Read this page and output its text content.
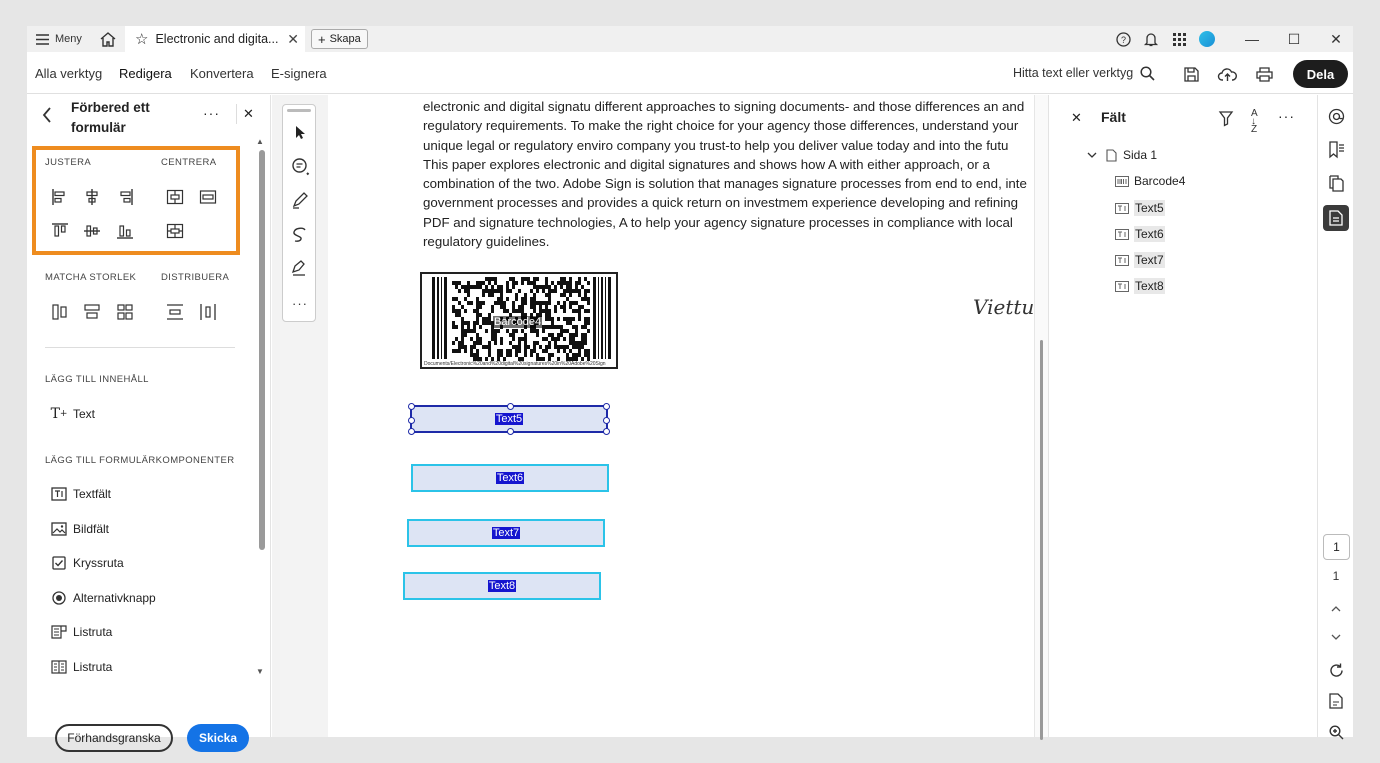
Meny	☆ Electronic and digita... ✕ + Skapa	?	—	☐	✕
Alla verktyg Redigera Konvertera E-signera	Hitta text eller verktyg	Dela
Förbered ett formulär
··· ✕
JUSTERA	CENTRERA
MATCHA STORLEK	DISTRIBUERA
LÄGG TILL INNEHÅLL
T + Text
LÄGG TILL FORMULÄRKOMPONENTER
Textfält
Bildfält
Kryssruta
Alternativknapp
Listruta
Listruta
▲
▼
Förhandsgranska	Skicka
···
electronic and digital signatu different approaches to signing documents- and those differences an and
regulatory requirements. To make the right choice for your agency those differences, understand your
unique legal or regulatory enviro company you trust-to help you deliver value today and into the futu
This paper explores electronic and digital signatures and shows how A with either approach, or a
combination of the two. Adobe Sign is solution that manages signature processes from end to end, inte
government processes and provides a quick return on investmem experience developing and refining
PDF and signature technologies, A to help your agency signature processes in compliance with local
regulatory guidelines.
Barcode4
Documents/Electronic%20and%20digital%20signatures%20in%20Adobe%20Sign
Viettu
Text5
Text6
Text7
Text8
✕ Fält	A
↓
Z
···
Sida 1
Barcode4
Text5
Text6
Text7
Text8
1
1
